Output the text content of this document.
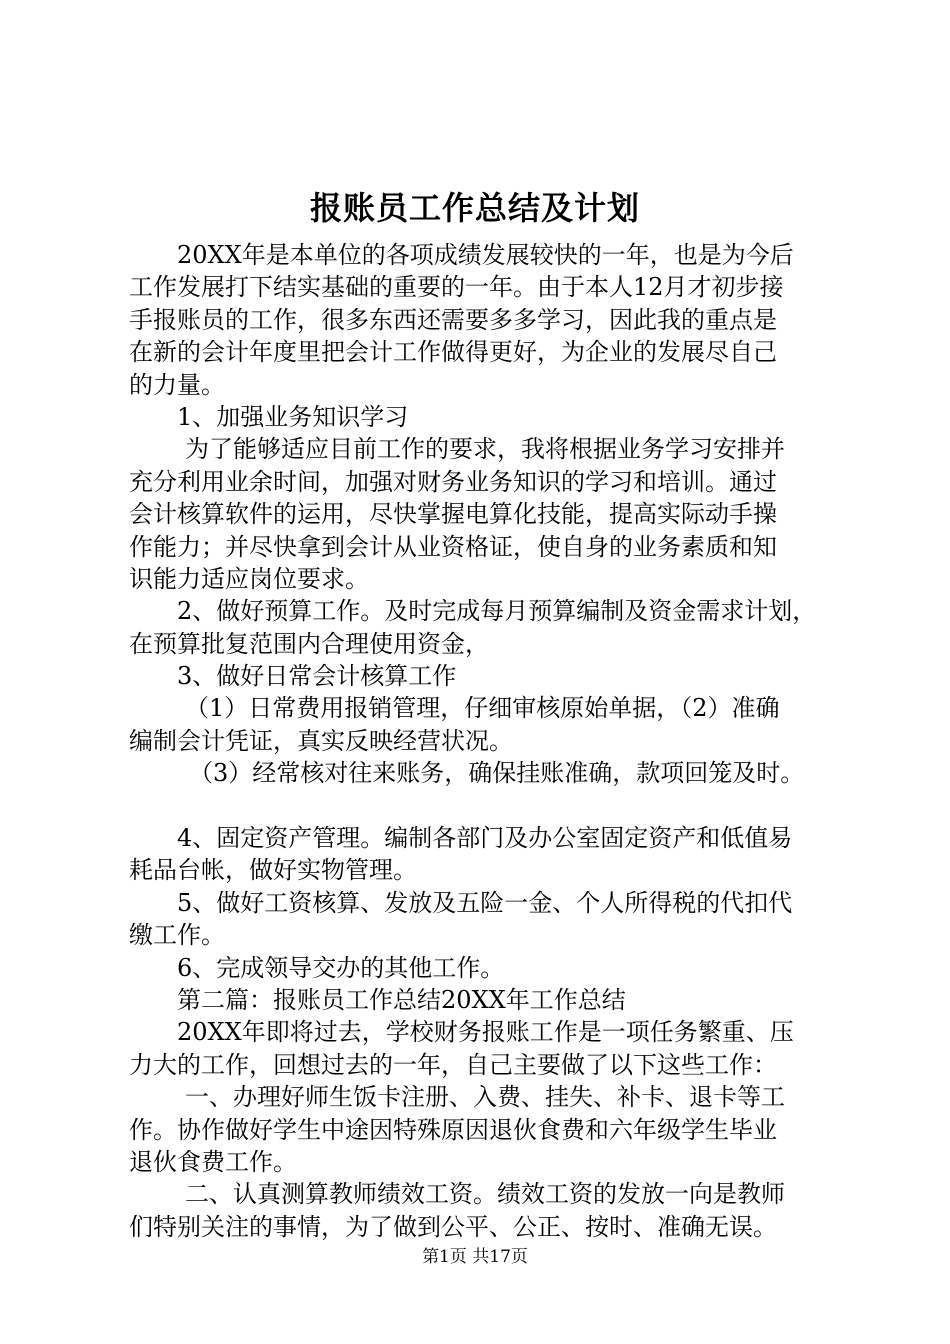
报账员工作总结及计划
20XX年是本单位的各项成绩发展较快的一年，也是为今后
工作发展打下结实基础的重要的一年。由于本人12月才初步接
手报账员的工作，很多东西还需要多多学习，因此我的重点是
在新的会计年度里把会计工作做得更好，为企业的发展尽自己
的力量。
1、加强业务知识学习
为了能够适应目前工作的要求，我将根据业务学习安排并
充分利用业余时间，加强对财务业务知识的学习和培训。通过
会计核算软件的运用，尽快掌握电算化技能，提高实际动手操
作能力；并尽快拿到会计从业资格证，使自身的业务素质和知
识能力适应岗位要求。
2、做好预算工作。及时完成每月预算编制及资金需求计划，
在预算批复范围内合理使用资金，
3、做好日常会计核算工作
（1）日常费用报销管理，仔细审核原始单据，（2）准确
编制会计凭证，真实反映经营状况。
（3）经常核对往来账务，确保挂账准确，款项回笼及时。
4、固定资产管理。编制各部门及办公室固定资产和低值易
耗品台帐，做好实物管理。
5、做好工资核算、发放及五险一金、个人所得税的代扣代
缴工作。
6、完成领导交办的其他工作。
第二篇：报账员工作总结20XX年工作总结
20XX年即将过去，学校财务报账工作是一项任务繁重、压
力大的工作，回想过去的一年，自己主要做了以下这些工作：
一、办理好师生饭卡注册、入费、挂失、补卡、退卡等工
作。协作做好学生中途因特殊原因退伙食费和六年级学生毕业
退伙食费工作。
二、认真测算教师绩效工资。绩效工资的发放一向是教师
们特别关注的事情，为了做到公平、公正、按时、准确无误。
第1页 共17页
